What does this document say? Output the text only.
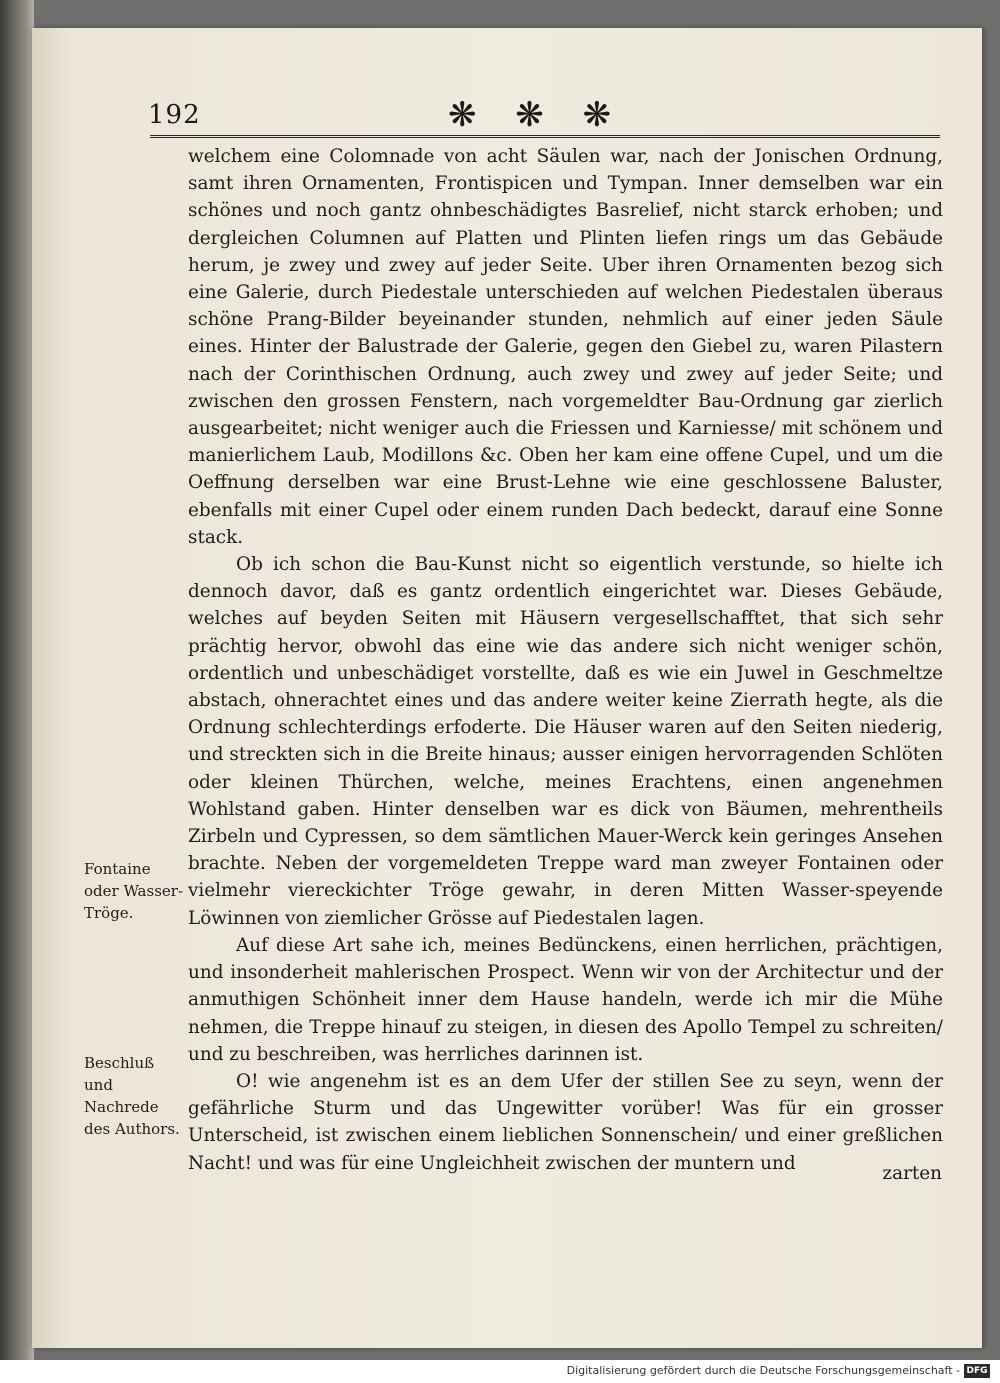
192	❋ ❋ ❋

welchem eine Colomnade von acht Säulen war, nach der Jonischen Ordnung, samt ihren Ornamenten, Frontispicen und Tympan. Inner demselben war ein schönes und noch gantz ohnbeschädigtes Basrelief, nicht starck erhoben; und dergleichen Columnen auf Platten und Plinten liefen rings um das Gebäude herum, je zwey und zwey auf jeder Seite. Uber ihren Ornamenten bezog sich eine Galerie, durch Piedestale unterschieden auf welchen Piedestalen überaus schöne Prang-Bilder beyeinander stunden, nehmlich auf einer jeden Säule eines. Hinter der Balustrade der Galerie, gegen den Giebel zu, waren Pilastern nach der Corinthischen Ordnung, auch zwey und zwey auf jeder Seite; und zwischen den grossen Fenstern, nach vorgemeldter Bau-Ordnung gar zierlich ausgearbeitet; nicht weniger auch die Friessen und Karniesse/ mit schönem und manierlichem Laub, Modillons &c. Oben her kam eine offene Cupel, und um die Oeffnung derselben war eine Brust-Lehne wie eine geschlossene Baluster, ebenfalls mit einer Cupel oder einem runden Dach bedeckt, darauf eine Sonne stack.

Ob ich schon die Bau-Kunst nicht so eigentlich verstunde, so hielte ich dennoch davor, daß es gantz ordentlich eingerichtet war. Dieses Gebäude, welches auf beyden Seiten mit Häusern vergesellschafftet, that sich sehr prächtig hervor, obwohl das eine wie das andere sich nicht weniger schön, ordentlich und unbeschädiget vorstellte, daß es wie ein Juwel in Geschmeltze abstach, ohnerachtet eines und das andere weiter keine Zierrath hegte, als die Ordnung schlechterdings erfoderte. Die Häuser waren auf den Seiten niederig, und streckten sich in die Breite hinaus; ausser einigen hervorragenden Schlöten oder kleinen Thürchen, welche, meines Erachtens, einen angenehmen Wohlstand gaben. Hinter denselben war es dick von Bäumen, mehrentheils Zirbeln und Cypressen, so dem sämtlichen Mauer-Werck kein geringes Ansehen brachte. Neben der vorgemeldeten Treppe ward man zweyer Fontainen oder vielmehr viereckichter Tröge gewahr, in deren Mitten Wasser-speyende Löwinnen von ziemlicher Grösse auf Piedestalen lagen.

Auf diese Art sahe ich, meines Bedünckens, einen herrlichen, prächtigen, und insonderheit mahlerischen Prospect. Wenn wir von der Architectur und der anmuthigen Schönheit inner dem Hause handeln, werde ich mir die Mühe nehmen, die Treppe hinauf zu steigen, in diesen des Apollo Tempel zu schreiten/ und zu beschreiben, was herrliches darinnen ist.

O! wie angenehm ist es an dem Ufer der stillen See zu seyn, wenn der gefährliche Sturm und das Ungewitter vorüber! Was für ein grosser Unterscheid, ist zwischen einem lieblichen Sonnenschein/ und einer greßlichen Nacht! und was für eine Ungleichheit zwischen der muntern und	zarten
Fontaine oder Wasser-Tröge.
Beschluß und Nachrede des Authors.
Digitalisierung gefördert durch die Deutsche Forschungsgemeinschaft - DFG
